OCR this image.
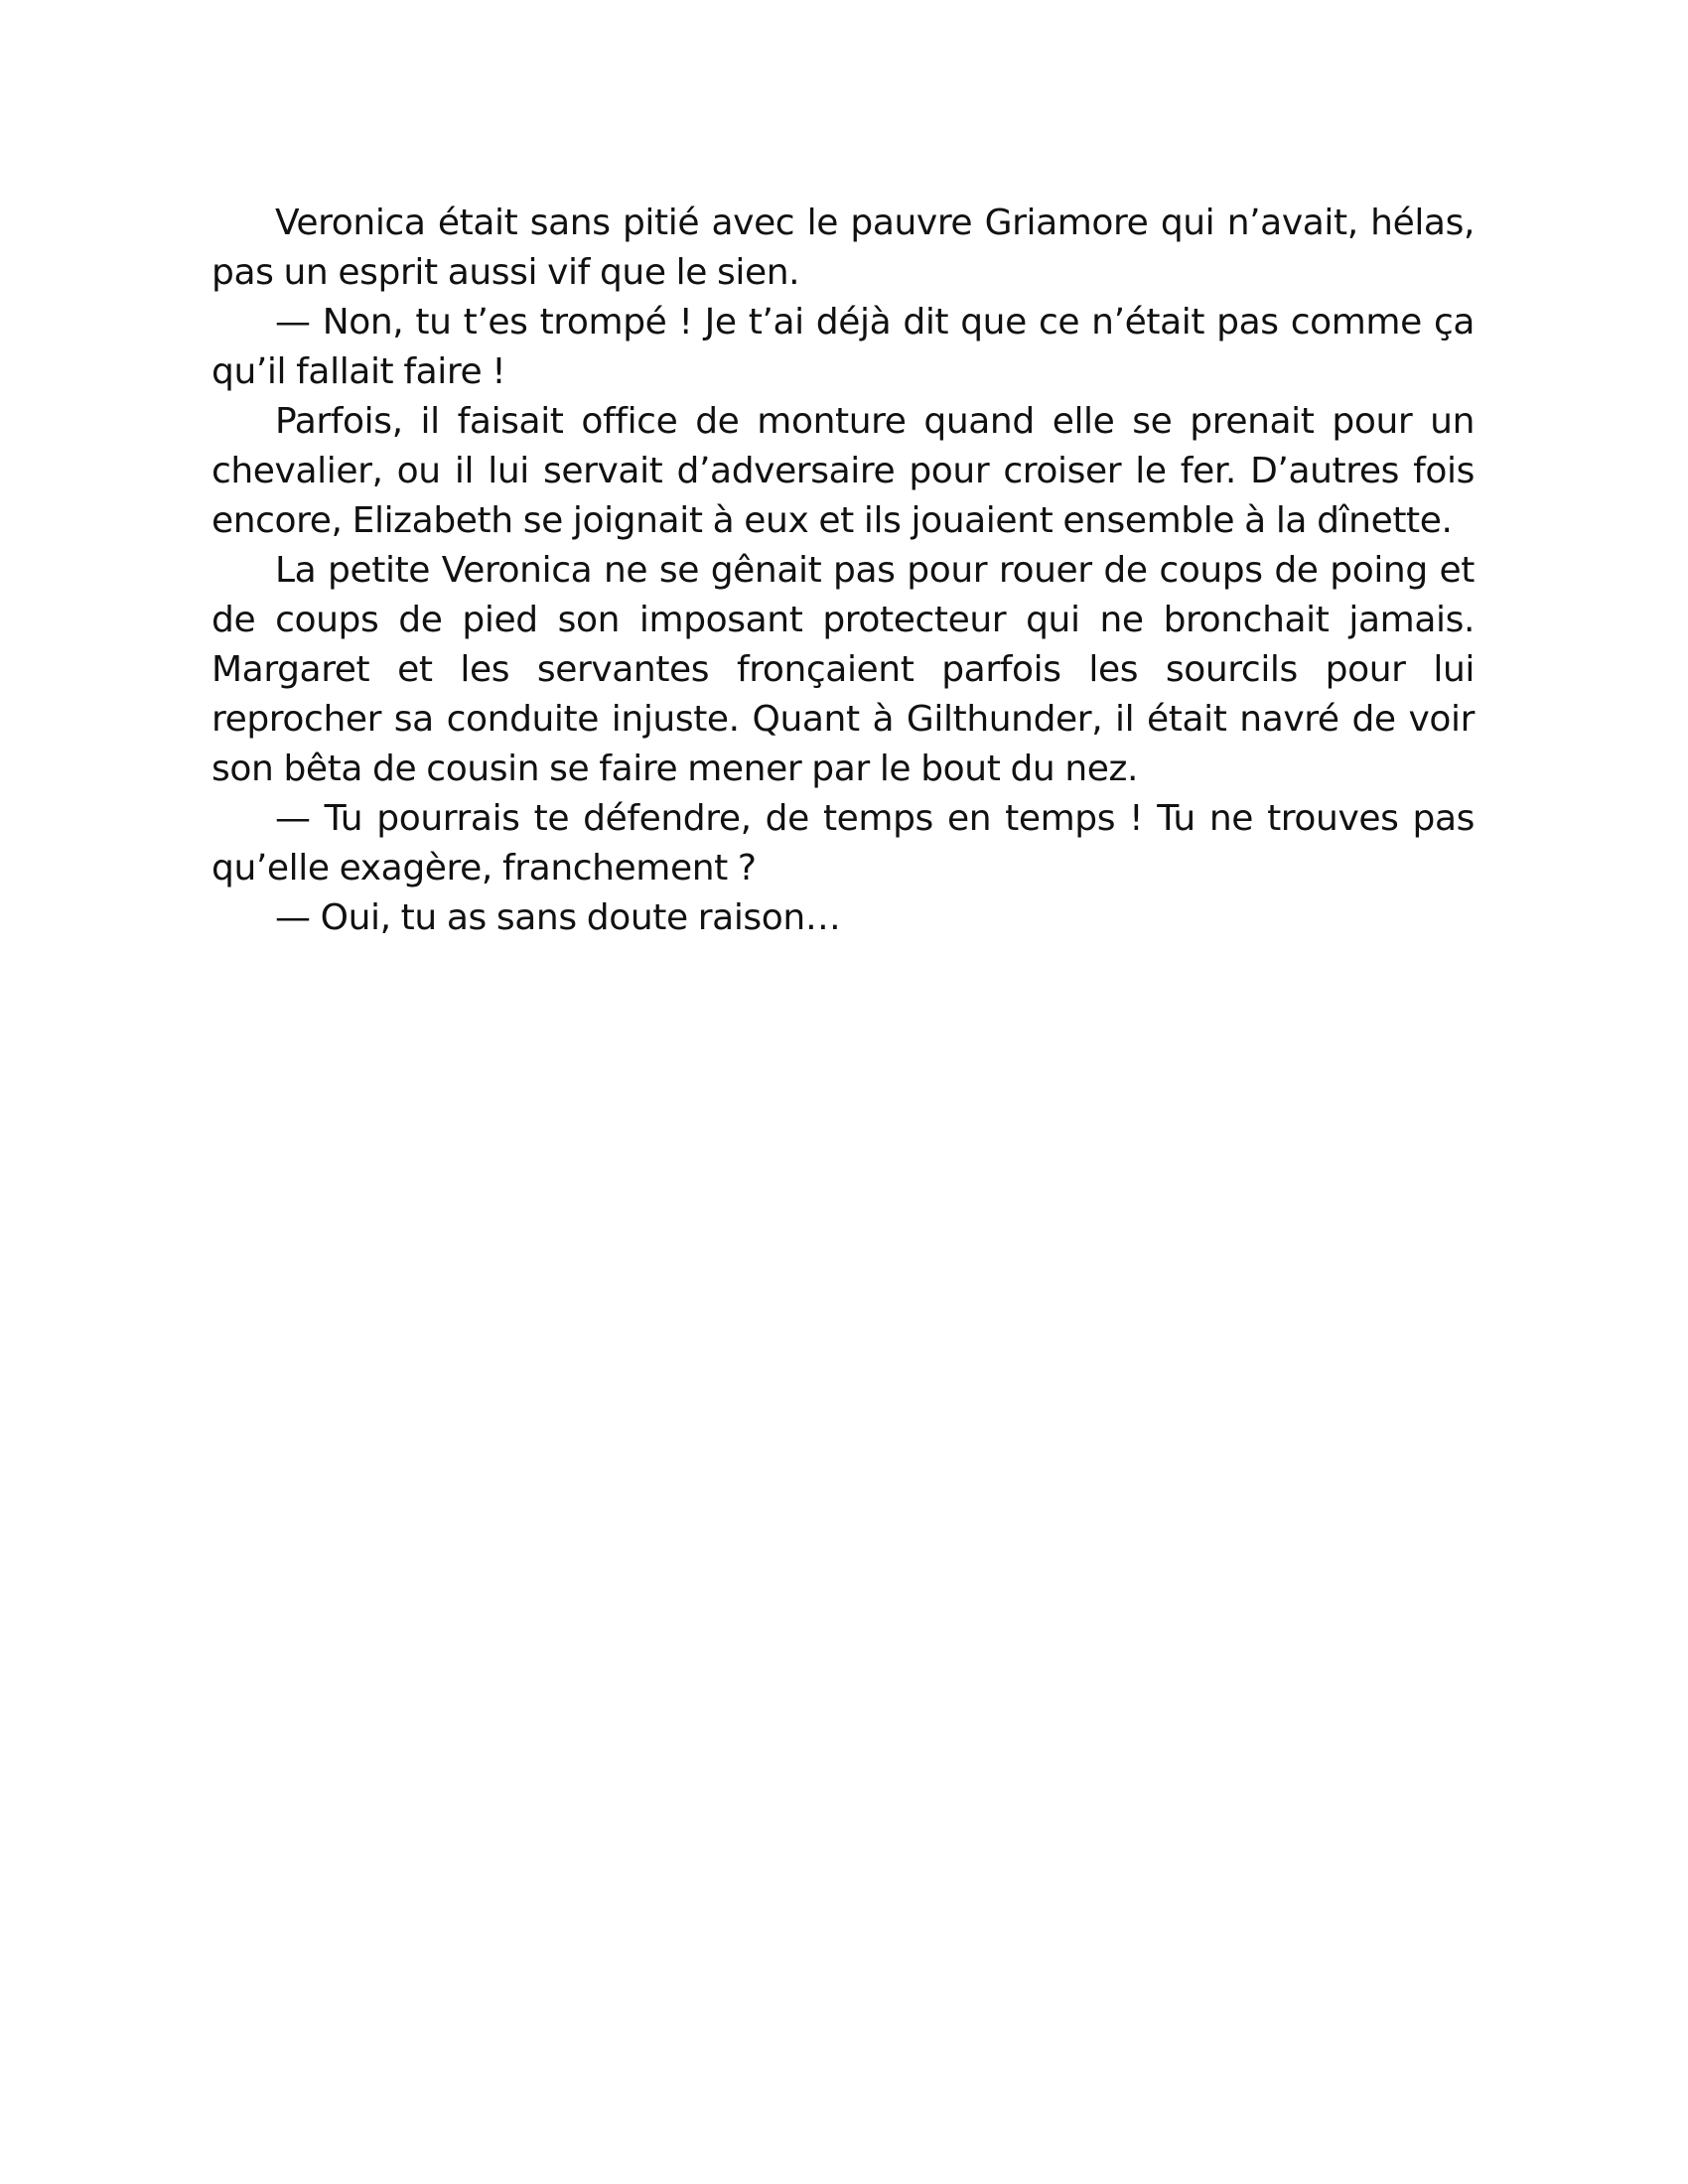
Veronica était sans pitié avec le pauvre Griamore qui n’avait, hélas, pas un esprit aussi vif que le sien.

— Non, tu t’es trompé ! Je t’ai déjà dit que ce n’était pas comme ça qu’il fallait faire !

Parfois, il faisait office de monture quand elle se prenait pour un chevalier, ou il lui servait d’adversaire pour croiser le fer. D’autres fois encore, Elizabeth se joignait à eux et ils jouaient ensemble à la dînette.

La petite Veronica ne se gênait pas pour rouer de coups de poing et de coups de pied son imposant protecteur qui ne bronchait jamais. Margaret et les servantes fronçaient parfois les sourcils pour lui reprocher sa conduite injuste. Quant à Gilthunder, il était navré de voir son bêta de cousin se faire mener par le bout du nez.

— Tu pourrais te défendre, de temps en temps ! Tu ne trouves pas qu’elle exagère, franchement ?

— Oui, tu as sans doute raison…
